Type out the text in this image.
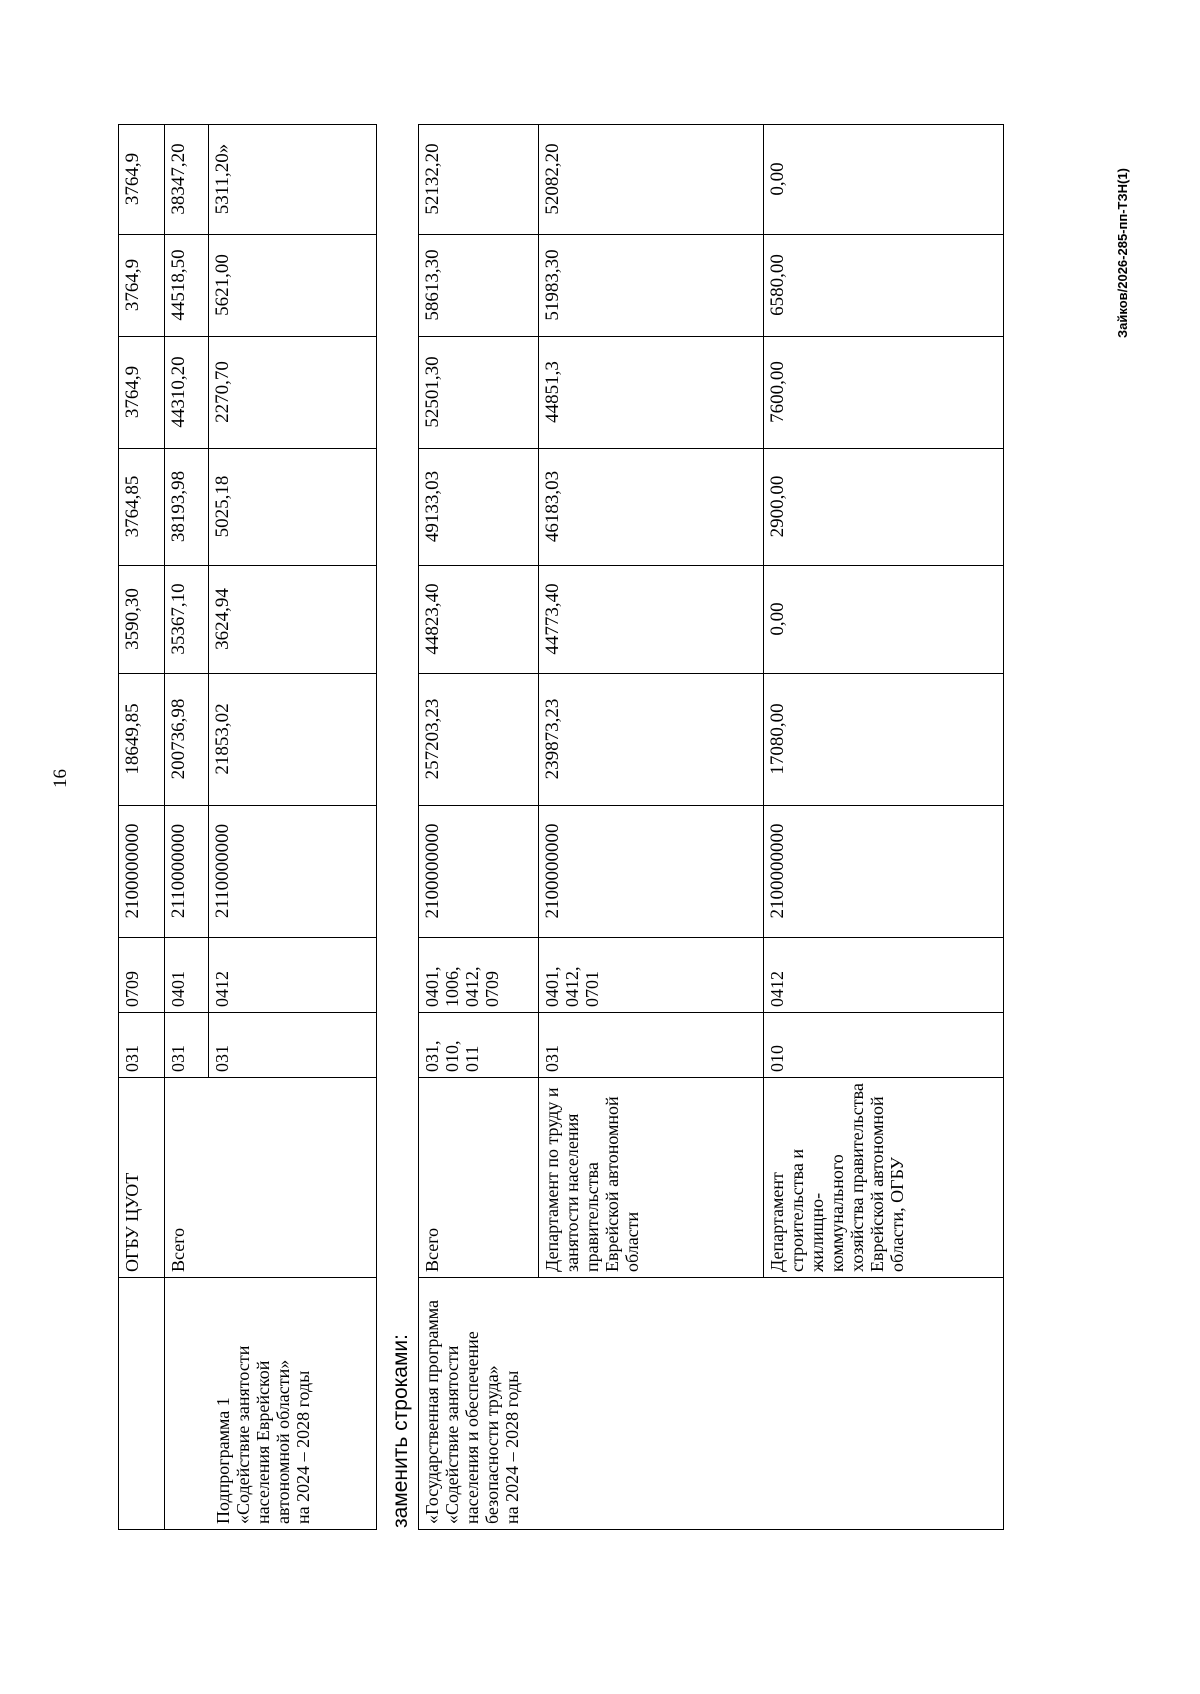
16
Зайков/2026-285-пп-ТЗН(1)
	ОГБУ ЦУОТ	031	0709	2100000000	18649,85	3590,30	3764,85	3764,9	3764,9	3764,9
Подпрограмма 1
«Содействие занятости населения Еврейской автономной области»
на 2024 – 2028 годы	Всего	031	0401	2110000000	200736,98	35367,10	38193,98	44310,20	44518,50	38347,20
		031	0412	2110000000	21853,02	3624,94	5025,18	2270,70	5621,00	5311,20»
заменить строками: «Государственная программа «Содействие занятости населения и обеспечение безопасности труда»
на 2024 – 2028 годы	Всего	031,
010,
011	0401,
1006,
0412,
0709	2100000000	257203,23	44823,40	49133,03	52501,30	58613,30	52132,20
	Департамент по труду и занятости населения правительства Еврейской автономной области	031	0401,
0412,
0701	2100000000	239873,23	44773,40	46183,03	44851,3	51983,30	52082,20
	Департамент строительства и жилищно-коммунального хозяйства правительства Еврейской автономной области, ОГБУ	010	0412	2100000000	17080,00	0,00	2900,00	7600,00	6580,00	0,00
